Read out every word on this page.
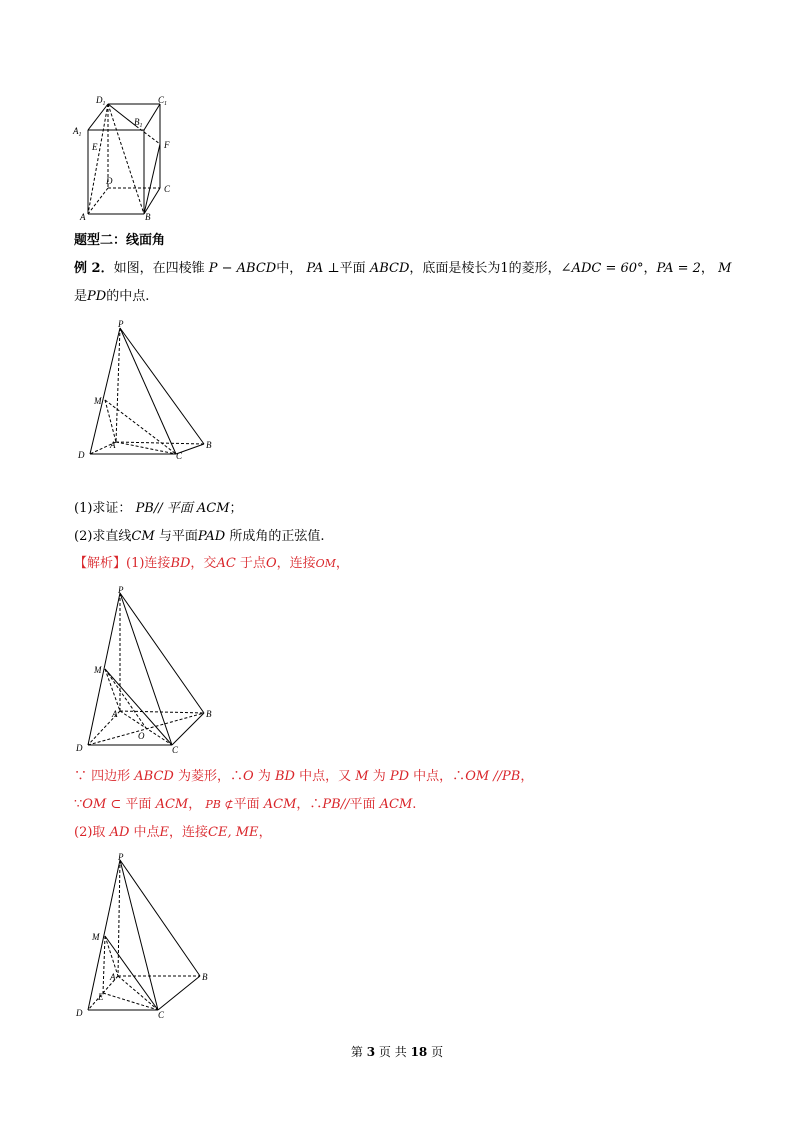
$D_1$	$C_1$
$A_1$
$B_1$
E	F
D
C
A	B
题型二：线面角
例 2．如图，在四棱锥 P − ABCD中， PA ⊥平面 ABCD，底面是棱长为1的菱形，∠ADC = 60°，PA = 2， M
是PD的中点.
P
M
A	B
D	C
(1)求证： PB// 平面 ACM；
(2)求直线CM 与平面PAD 所成角的正弦值.
【解析】(1)连接BD，交AC 于点O，连接OM，
P
M
A	B
O
D	C
∵ 四边形 ABCD 为菱形，∴O 为 BD 中点，又 M 为 PD 中点，∴OM //PB，
∵OM ⊂ 平面 ACM， PB ⊄平面 ACM，∴PB//平面 ACM.
(2)取 AD 中点E，连接CE, ME，
P
M
A	B
E
D	C
第 3 页 共 18 页
